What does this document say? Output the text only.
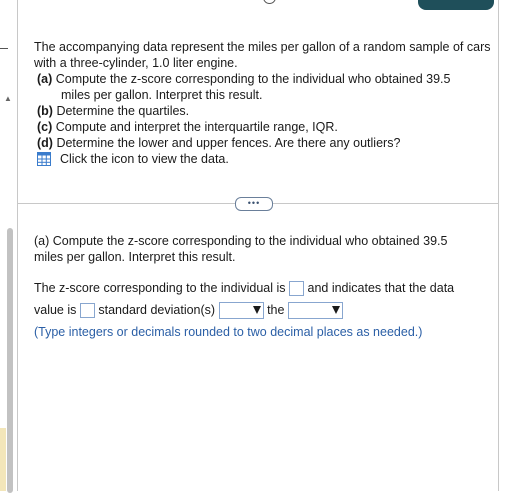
▲
The accompanying data represent the miles per gallon of a random sample of cars with a three-cylinder, 1.0 liter engine.
(a) Compute the z-score corresponding to the individual who obtained 39.5
miles per gallon. Interpret this result.
(b) Determine the quartiles.
(c) Compute and interpret the interquartile range, IQR.
(d) Determine the lower and upper fences. Are there any outliers?
Click the icon to view the data.
•••
(a) Compute the z-score corresponding to the individual who obtained 39.5
miles per gallon. Interpret this result.
The z-score corresponding to the individual is and indicates that the data
value is standard deviation(s)	the
(Type integers or decimals rounded to two decimal places as needed.)
